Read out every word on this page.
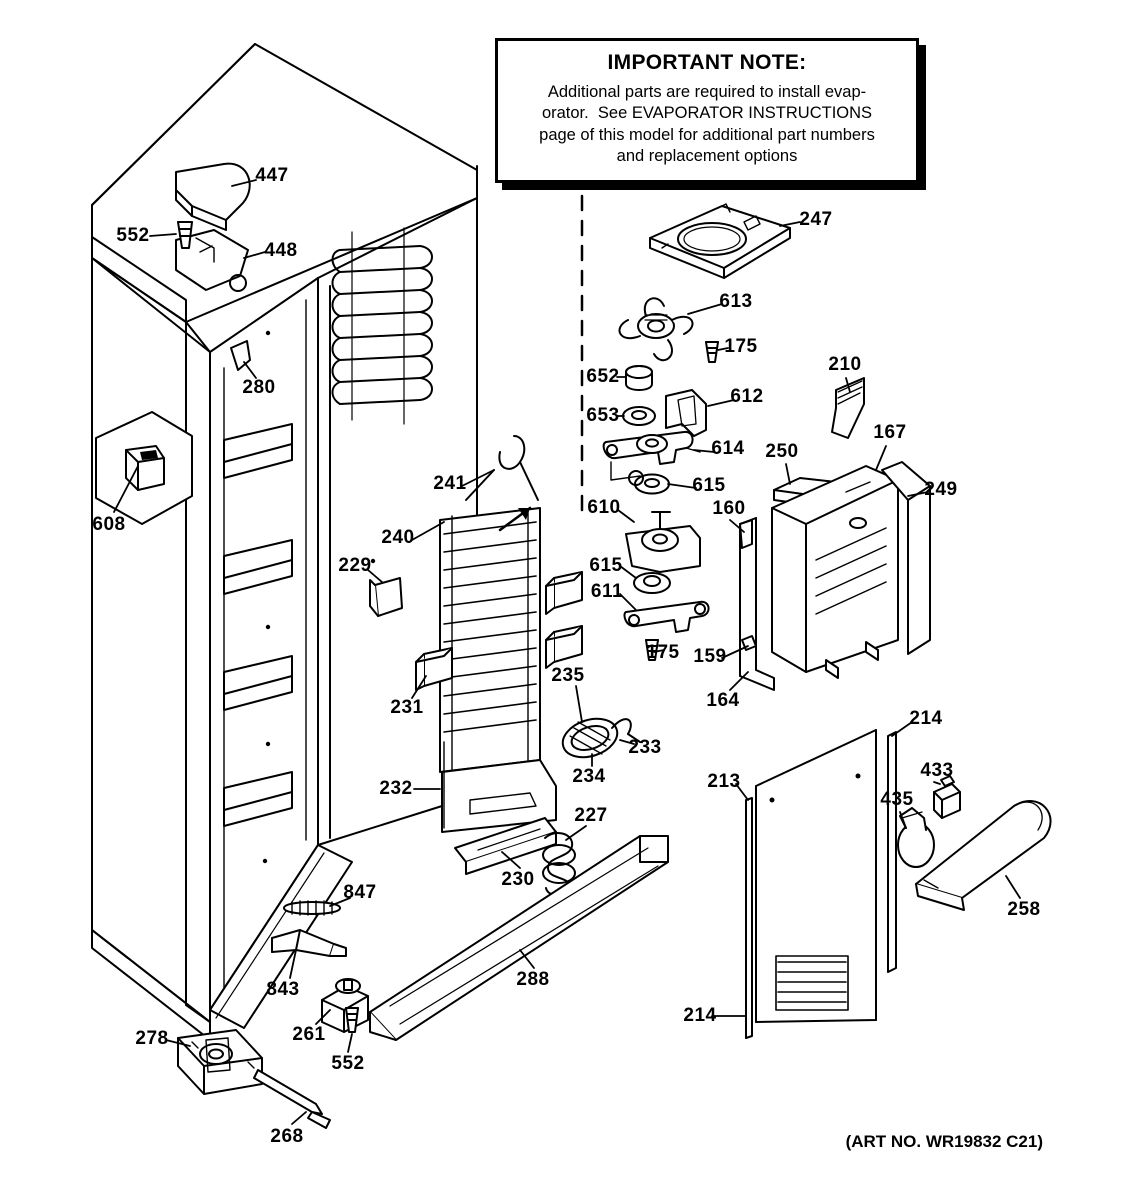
IMPORTANT NOTE:
Additional parts are required to install evap-
orator.  See EVAPORATOR INSTRUCTIONS
page of this model for additional part numbers
and replacement options
447
552
448
280
608
241
240
229
231
232
230
227
288
235
233
234
175
611
615
610
615
614
612
653
652
613
175
247
210
167
250
249
160
159
164
214
213
214
435
433
258
847
843
261
552
278
268	(ART NO. WR19832 C21)
